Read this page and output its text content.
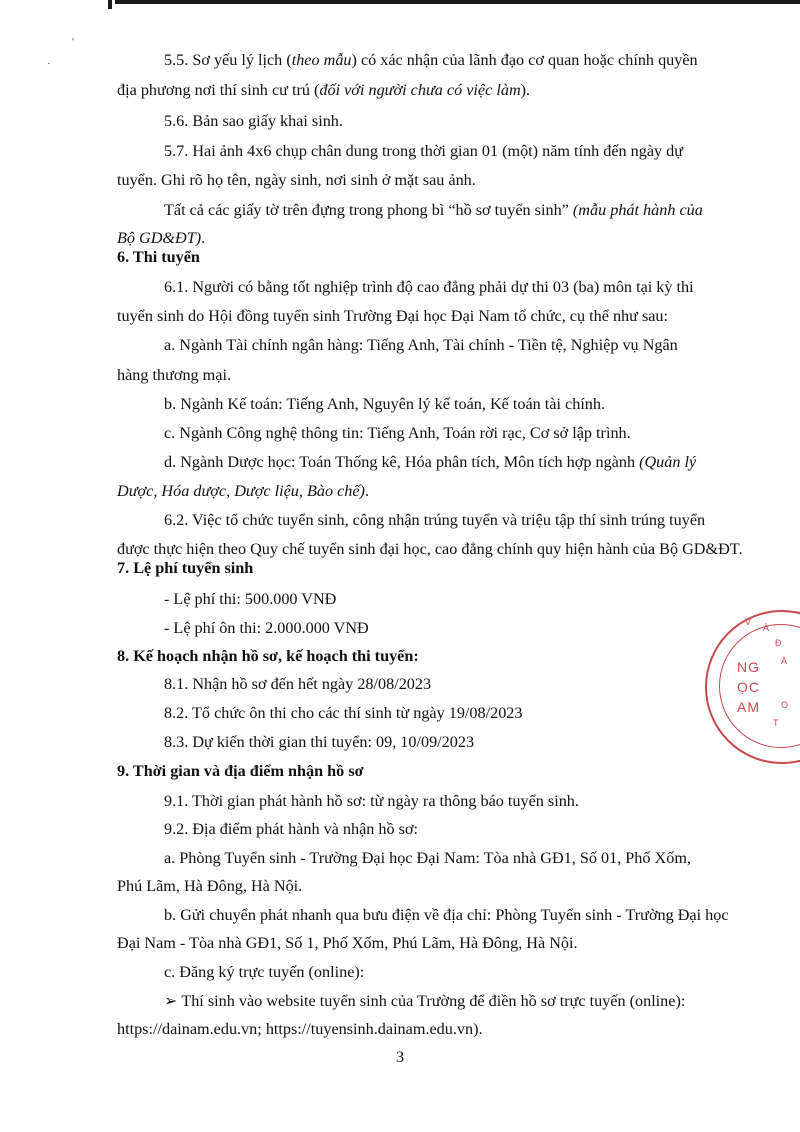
'
·	5.5. Sơ yếu lý lịch (theo mẫu) có xác nhận của lãnh đạo cơ quan hoặc chính quyền
địa phương nơi thí sinh cư trú (đối với người chưa có việc làm).
5.6. Bản sao giấy khai sinh.
5.7. Hai ảnh 4x6 chụp chân dung trong thời gian 01 (một) năm tính đến ngày dự
tuyển. Ghi rõ họ tên, ngày sinh, nơi sinh ở mặt sau ảnh.
Tất cả các giấy tờ trên đựng trong phong bì “hồ sơ tuyển sinh” (mẫu phát hành của
Bộ GD&ĐT).
6. Thi tuyển
6.1. Người có bằng tốt nghiệp trình độ cao đẳng phải dự thi 03 (ba) môn tại kỳ thi
tuyển sinh do Hội đồng tuyển sinh Trường Đại học Đại Nam tổ chức, cụ thể như sau:
a. Ngành Tài chính ngân hàng: Tiếng Anh, Tài chính - Tiền tệ, Nghiệp vụ Ngân
hàng thương mại.
b. Ngành Kế toán: Tiếng Anh, Nguyên lý kế toán, Kế toán tài chính.
c. Ngành Công nghệ thông tin: Tiếng Anh, Toán rời rạc, Cơ sở lập trình.
d. Ngành Dược học: Toán Thống kê, Hóa phân tích, Môn tích hợp ngành (Quản lý
Dược, Hóa dược, Dược liệu, Bào chế).
6.2. Việc tổ chức tuyển sinh, công nhận trúng tuyển và triệu tập thí sinh trúng tuyển
được thực hiện theo Quy chế tuyển sinh đại học, cao đẳng chính quy hiện hành của Bộ GD&ĐT.
7. Lệ phí tuyển sinh
- Lệ phí thi: 500.000 VNĐ
- Lệ phí ôn thi: 2.000.000 VNĐ
8. Kế hoạch nhận hồ sơ, kế hoạch thi tuyển:
8.1. Nhận hồ sơ đến hết ngày 28/08/2023
8.2. Tổ chức ôn thi cho các thí sinh từ ngày 19/08/2023
8.3. Dự kiến thời gian thi tuyển: 09, 10/09/2023
9. Thời gian và địa điểm nhận hồ sơ
9.1. Thời gian phát hành hồ sơ: từ ngày ra thông báo tuyển sinh.
9.2. Địa điểm phát hành và nhận hồ sơ:
a. Phòng Tuyển sinh - Trường Đại học Đại Nam: Tòa nhà GĐ1, Số 01, Phố Xốm,
Phú Lãm, Hà Đông, Hà Nội.
b. Gửi chuyển phát nhanh qua bưu điện về địa chỉ: Phòng Tuyển sinh - Trường Đại học
Đại Nam - Tòa nhà GĐ1, Số 1, Phố Xốm, Phú Lãm, Hà Đông, Hà Nội.
c. Đăng ký trực tuyến (online):
➢ Thí sinh vào website tuyển sinh của Trường để điền hồ sơ trực tuyến (online):
https://dainam.edu.vn; https://tuyensinh.dainam.edu.vn).
3
NG
ỌC
AM
V
À
Đ
À
O
T
